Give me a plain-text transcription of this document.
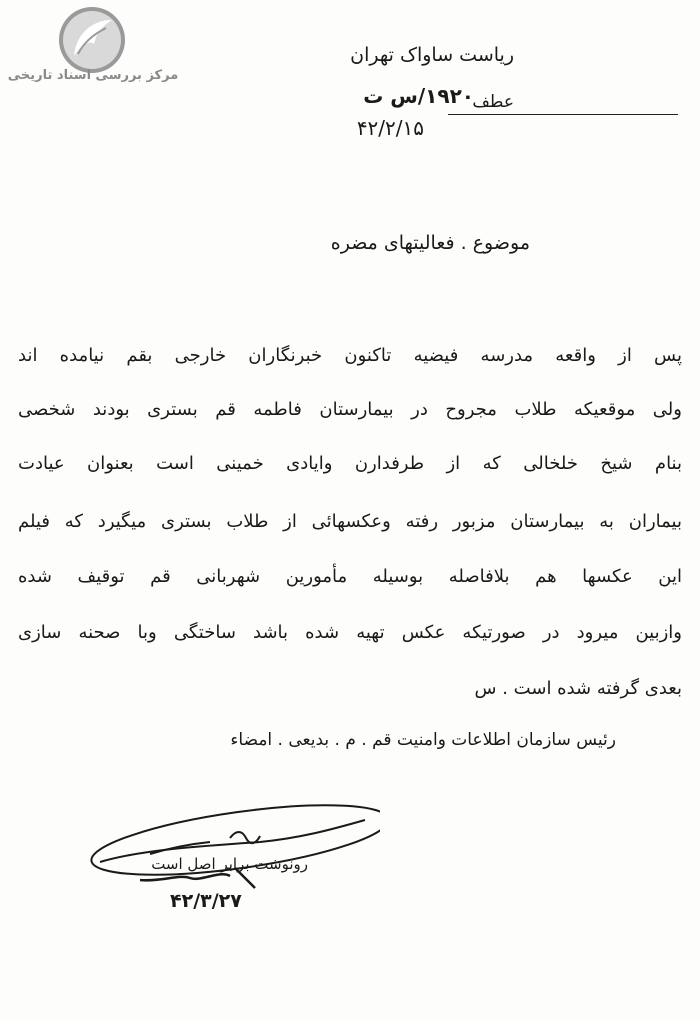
مرکز بررسی اسناد تاریخی
ریاست ساواک تهران
عطف
۱۹۲۰/س ت
۴۲/۲/۱۵
موضوع . فعالیتهای مضره
پس از واقعه مدرسه فیضیه تاکنون خبرنگاران خارجی بقم نیامده اند
ولی موقعیکه طلاب مجروح در بیمارستان فاطمه قم بستری بودند شخصی
بنام شیخ خلخالی که از طرفدارن وایادی خمینی است بعنوان عیادت
بیماران به بیمارستان مزبور رفته وعکسهائی از طلاب بستری میگیرد که فیلم
این عکسها هم بلافاصله بوسیله مأمورین شهربانی قم توقیف شده
وازبین میرود در صورتیکه عکس تهیه شده باشد ساختگی وبا صحنه سازی
بعدی گرفته شده است . س
رئیس سازمان اطلاعات وامنیت قم . م . بدیعی . امضاء
رونوشت برابر اصل است
۴۲/۳/۲۷
